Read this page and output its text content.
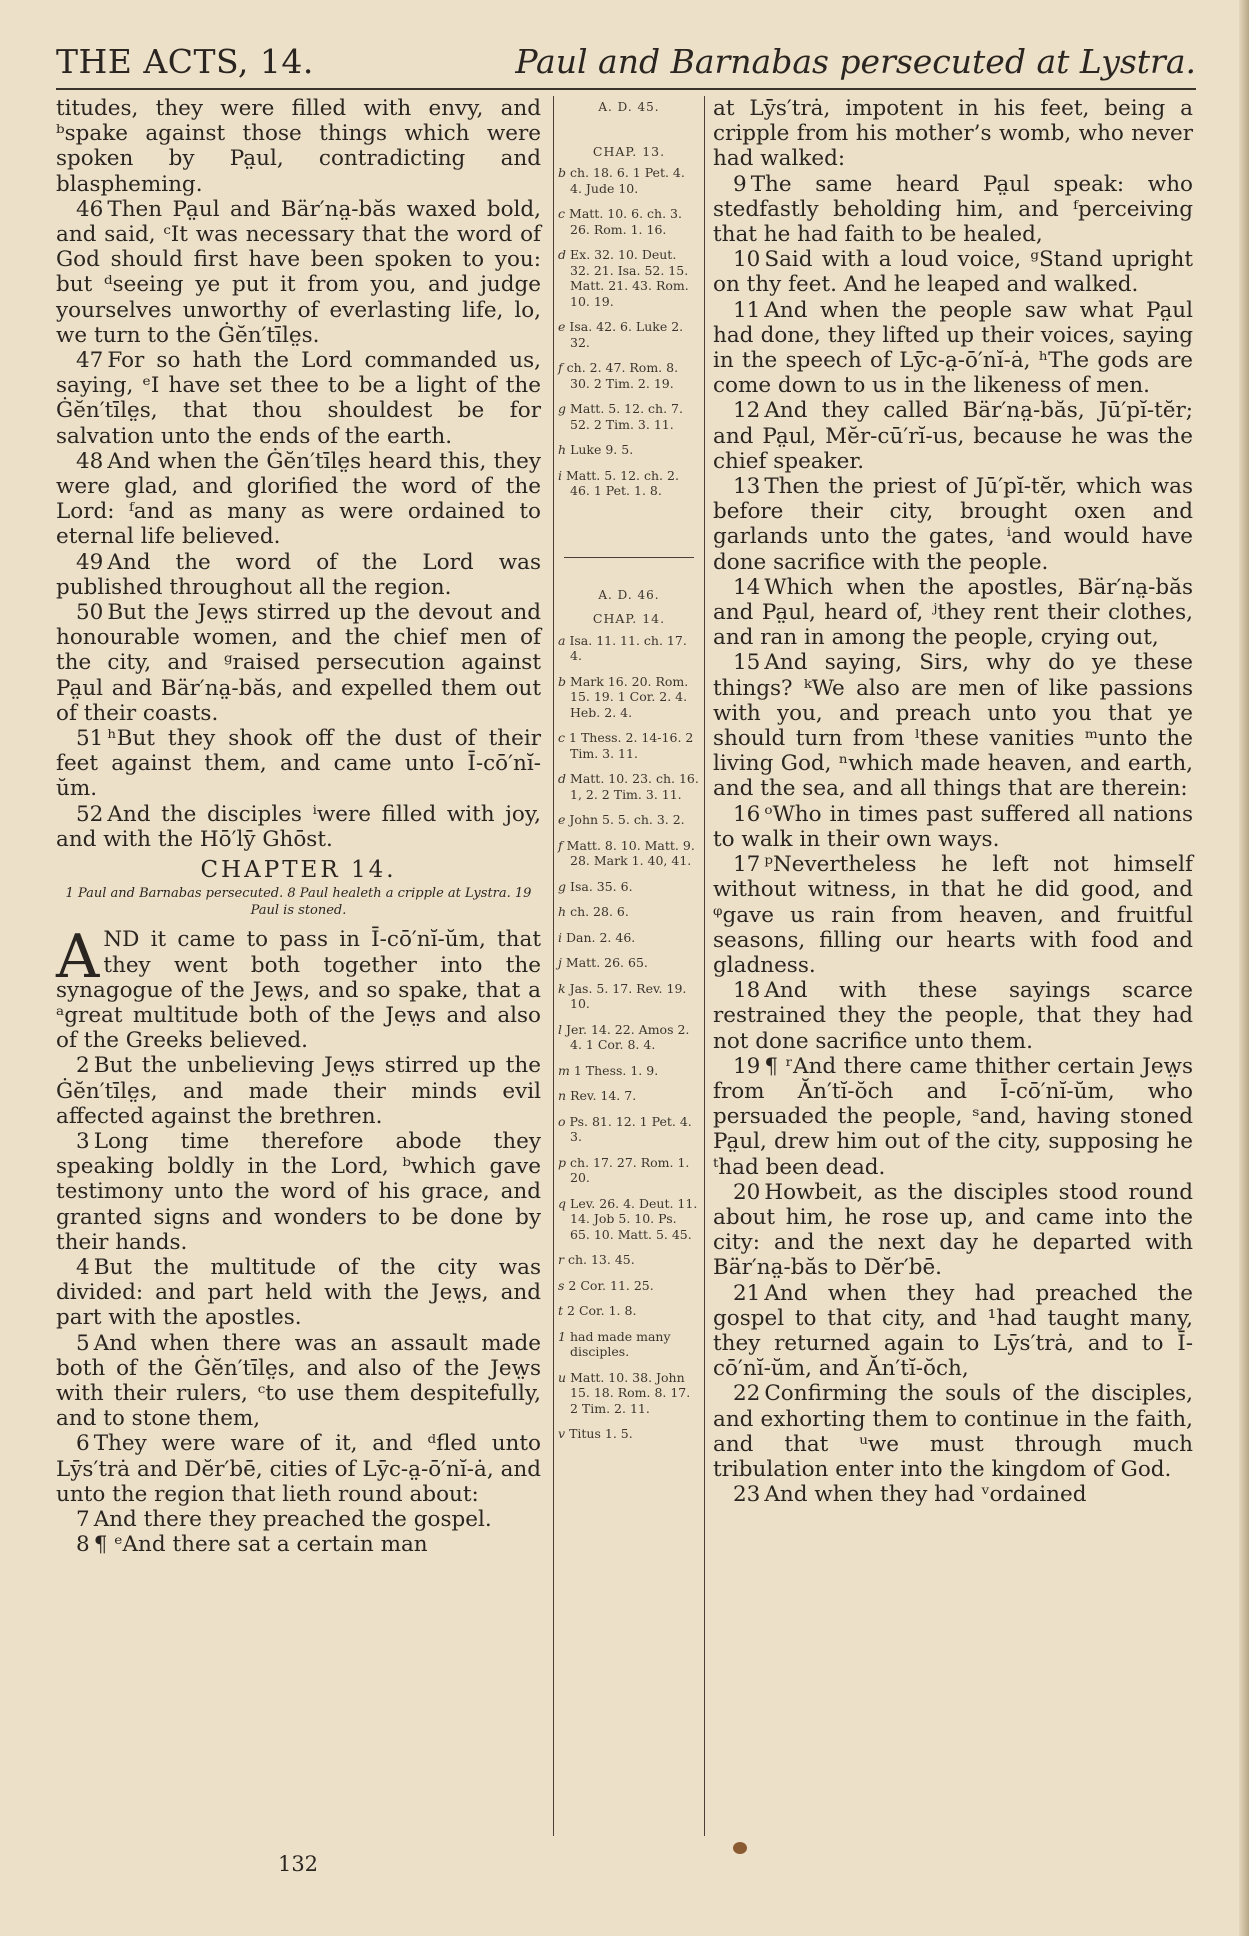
THE ACTS, 14.	Paul and Barnabas persecuted at Lystra.

titudes, they were filled with envy, and ᵇspake against those things which were spoken by Pa̤ul, contradicting and blaspheming.

46 Then Pa̤ul and Bär′na̤-băs waxed bold, and said, ᶜIt was necessary that the word of God should first have been spoken to you: but ᵈseeing ye put it from you, and judge yourselves unworthy of everlasting life, lo, we turn to the Ġĕn′tīle̤s.

47 For so hath the Lord commanded us, saying, ᵉI have set thee to be a light of the Ġĕn′tīle̤s, that thou shouldest be for salvation unto the ends of the earth.

48 And when the Ġĕn′tīle̤s heard this, they were glad, and glorified the word of the Lord: ᶠand as many as were ordained to eternal life believed.

49 And the word of the Lord was published throughout all the region.

50 But the Jew̤s stirred up the devout and honourable women, and the chief men of the city, and ᵍraised persecution against Pa̤ul and Bär′na̤-băs, and expelled them out of their coasts.

51 ʰBut they shook off the dust of their feet against them, and came unto Ī-cō′nĭ-ŭm.

52 And the disciples ⁱwere filled with joy, and with the Hō′lȳ Ghōst.

CHAPTER 14.
1 Paul and Barnabas persecuted. 8 Paul healeth a cripple at Lystra. 19 Paul is stoned.

AND it came to pass in Ī-cō′nĭ-ŭm, that they went both together into the synagogue of the Jew̤s, and so spake, that a ᵃgreat multitude both of the Jew̤s and also of the Greeks believed.

2 But the unbelieving Jew̤s stirred up the Ġĕn′tīle̤s, and made their minds evil affected against the brethren.

3 Long time therefore abode they speaking boldly in the Lord, ᵇwhich gave testimony unto the word of his grace, and granted signs and wonders to be done by their hands.

4 But the multitude of the city was divided: and part held with the Jew̤s, and part with the apostles.

5 And when there was an assault made both of the Ġĕn′tīle̤s, and also of the Jew̤s with their rulers, ᶜto use them despitefully, and to stone them,

6 They were ware of it, and ᵈfled unto Lȳs′trȧ and Dĕr′bē, cities of Lȳc-a̤-ō′nĭ-ȧ, and unto the region that lieth round about:

7 And there they preached the gospel.

8 ¶ ᵉAnd there sat a certain man

A. D. 45.
CHAP. 13.
b ch. 18. 6. 1 Pet. 4. 4. Jude 10.
c Matt. 10. 6. ch. 3. 26. Rom. 1. 16.
d Ex. 32. 10. Deut. 32. 21. Isa. 52. 15. Matt. 21. 43. Rom. 10. 19.
e Isa. 42. 6. Luke 2. 32.
f ch. 2. 47. Rom. 8. 30. 2 Tim. 2. 19.
g Matt. 5. 12. ch. 7. 52. 2 Tim. 3. 11.
h Luke 9. 5.
i Matt. 5. 12. ch. 2. 46. 1 Pet. 1. 8.
A. D. 46.
CHAP. 14.
a Isa. 11. 11. ch. 17. 4.
b Mark 16. 20. Rom. 15. 19. 1 Cor. 2. 4. Heb. 2. 4.
c 1 Thess. 2. 14-16. 2 Tim. 3. 11.
d Matt. 10. 23. ch. 16. 1, 2. 2 Tim. 3. 11.
e John 5. 5. ch. 3. 2.
f Matt. 8. 10. Matt. 9. 28. Mark 1. 40, 41.
g Isa. 35. 6.
h ch. 28. 6.
i Dan. 2. 46.
j Matt. 26. 65.
k Jas. 5. 17. Rev. 19. 10.
l Jer. 14. 22. Amos 2. 4. 1 Cor. 8. 4.
m 1 Thess. 1. 9.
n Rev. 14. 7.
o Ps. 81. 12. 1 Pet. 4. 3.
p ch. 17. 27. Rom. 1. 20.
q Lev. 26. 4. Deut. 11. 14. Job 5. 10. Ps. 65. 10. Matt. 5. 45.
r ch. 13. 45.
s 2 Cor. 11. 25.
t 2 Cor. 1. 8.
1 had made many disciples.
u Matt. 10. 38. John 15. 18. Rom. 8. 17. 2 Tim. 2. 11.
v Titus 1. 5.

at Lȳs′trȧ, impotent in his feet, being a cripple from his mother’s womb, who never had walked:

9 The same heard Pa̤ul speak: who stedfastly beholding him, and ᶠperceiving that he had faith to be healed,

10 Said with a loud voice, ᵍStand upright on thy feet. And he leaped and walked.

11 And when the people saw what Pa̤ul had done, they lifted up their voices, saying in the speech of Lȳc-a̤-ō′nĭ-ȧ, ʰThe gods are come down to us in the likeness of men.

12 And they called Bär′na̤-băs, Jū′pĭ-tĕr; and Pa̤ul, Mĕr-cū′rĭ-us, because he was the chief speaker.

13 Then the priest of Jū′pĭ-tĕr, which was before their city, brought oxen and garlands unto the gates, ⁱand would have done sacrifice with the people.

14 Which when the apostles, Bär′na̤-băs and Pa̤ul, heard of, ʲthey rent their clothes, and ran in among the people, crying out,

15 And saying, Sirs, why do ye these things? ᵏWe also are men of like passions with you, and preach unto you that ye should turn from ˡthese vanities ᵐunto the living God, ⁿwhich made heaven, and earth, and the sea, and all things that are therein:

16 ᵒWho in times past suffered all nations to walk in their own ways.

17 ᵖNevertheless he left not himself without witness, in that he did good, and ᵠgave us rain from heaven, and fruitful seasons, filling our hearts with food and gladness.

18 And with these sayings scarce restrained they the people, that they had not done sacrifice unto them.

19 ¶ ʳAnd there came thither certain Jew̤s from Ăn′tĭ-ŏch and Ī-cō′nĭ-ŭm, who persuaded the people, ˢand, having stoned Pa̤ul, drew him out of the city, supposing he ᵗhad been dead.

20 Howbeit, as the disciples stood round about him, he rose up, and came into the city: and the next day he departed with Bär′na̤-băs to Dĕr′bē.

21 And when they had preached the gospel to that city, and ¹had taught many, they returned again to Lȳs′trȧ, and to Ī-cō′nĭ-ŭm, and Ăn′tĭ-ŏch,

22 Confirming the souls of the disciples, and exhorting them to continue in the faith, and that ᵘwe must through much tribulation enter into the kingdom of God.

23 And when they had ᵛordained

132
